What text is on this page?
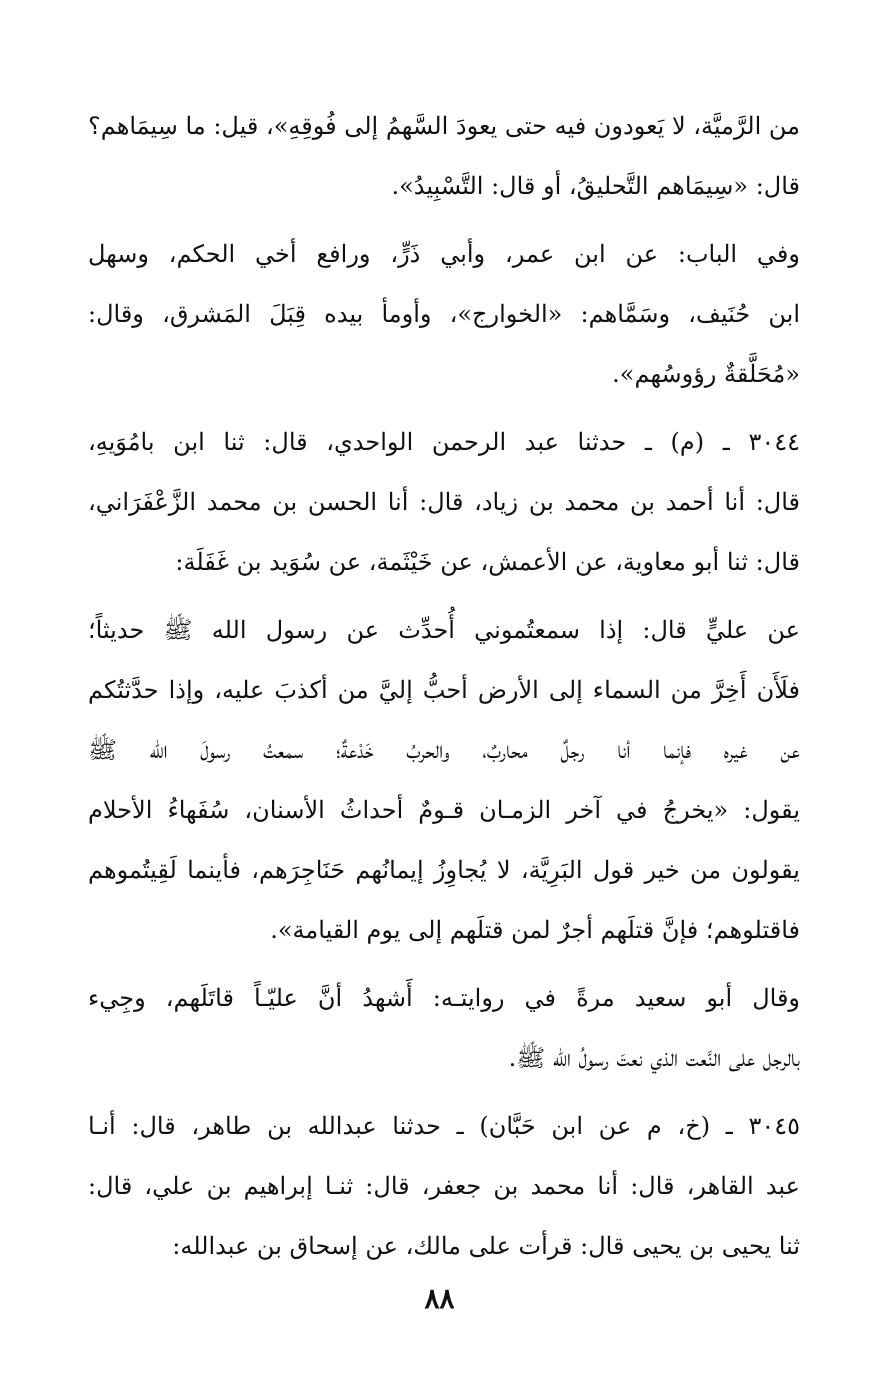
من الرَّميَّة، لا يَعودون فيه حتى يعودَ السَّهمُ إلى فُوقِهِ»، قيل: ما سِيمَاهم؟
قال: «سِيمَاهم التَّحليقُ، أو قال: التَّسْبِيدُ».
وفي الباب: عن ابن عمر، وأبي ذَرٍّ، ورافع أخي الحكم، وسهل
ابن حُنَيف، وسَمَّاهم: «الخوارج»، وأومأ بيده قِبَلَ المَشرق، وقال:
«مُحَلَّقةٌ رؤوسُهم».
٣٠٤٤ ـ (م) ـ حدثنا عبد الرحمن الواحدي، قال: ثنا ابن بامُوَيهِ،
قال: أنا أحمد بن محمد بن زياد، قال: أنا الحسن بن محمد الزَّعْفَرَاني،
قال: ثنا أبو معاوية، عن الأعمش، عن خَيْثَمة، عن سُوَيد بن غَفَلَة:
عن عليٍّ قال: إذا سمعتُموني أُحدِّث عن رسول الله ﷺ حديثاً؛
فلَأَن أَخِرَّ من السماء إلى الأرض أحبُّ إليَّ من أكذبَ عليه، وإذا حدَّثتُكم
عن غيره فإنما أنا رجلٌ محاربٌ، والحربُ خَدْعةٌ؛ سمعتُ رسولَ الله ﷺ
يقول: «يخرجُ في آخر الزمـان قـومٌ أحداثُ الأسنان، سُفَهاءُ الأحلام
يقولون من خير قول البَرِيَّة، لا يُجاوِزُ إيمانُهم حَنَاجِرَهم، فأينما لَقِيتُموهم
فاقتلوهم؛ فإنَّ قتلَهم أجرٌ لمن قتلَهم إلى يوم القيامة».
وقال أبو سعيد مرةً في روايتـه: أَشهدُ أنَّ عليّـاً قاتَلَهم، وجِيء
بالرجل على النَّعت الذي نعتَ رسولُ الله ﷺ.
٣٠٤٥ ـ (خ، م عن ابن حَبَّان) ـ حدثنا عبدالله بن طاهر، قال: أنـا
عبد القاهر، قال: أنا محمد بن جعفر، قال: ثنـا إبراهيم بن علي، قال:
ثنا يحيى بن يحيى قال: قرأت على مالك، عن إسحاق بن عبدالله:
٨٨
